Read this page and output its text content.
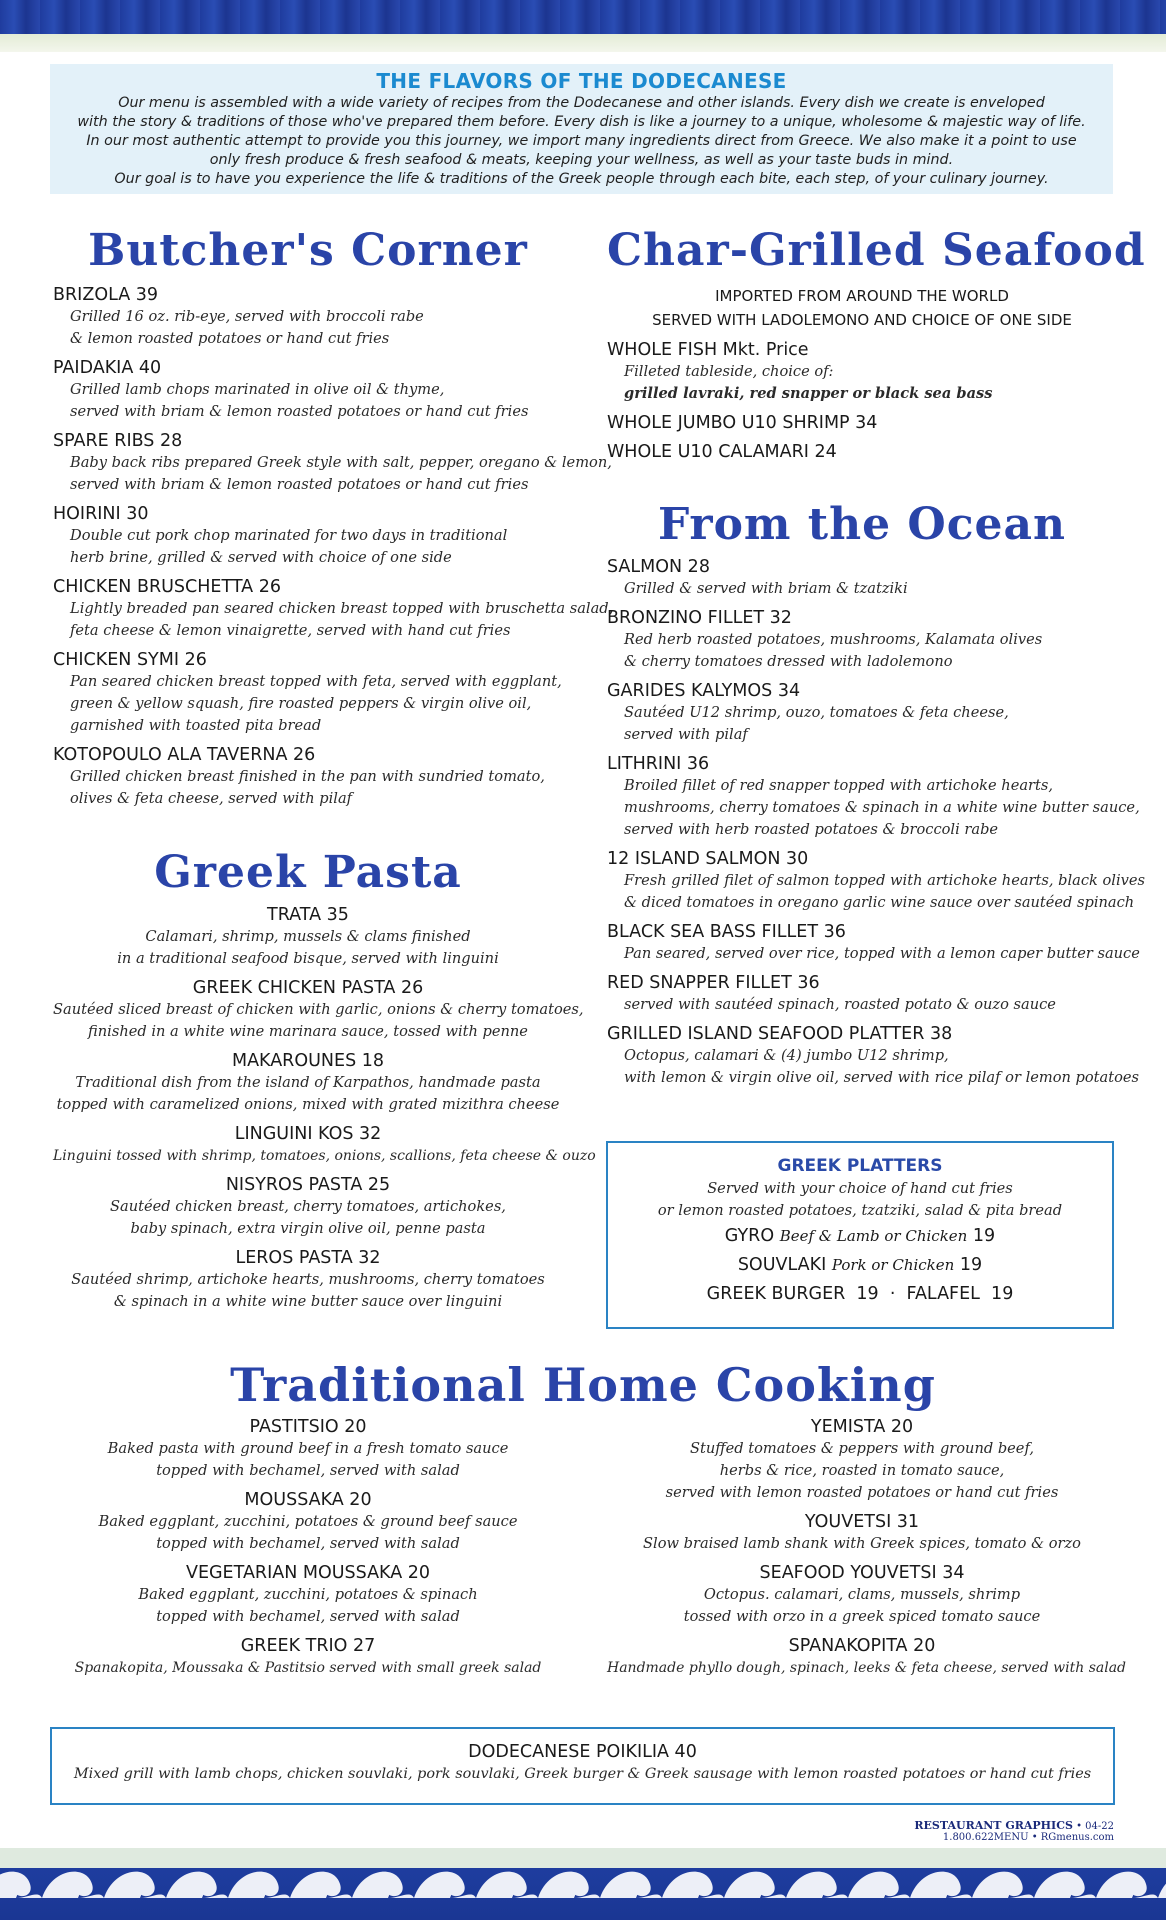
THE FLAVORS OF THE DODECANESE
Our menu is assembled with a wide variety of recipes from the Dodecanese and other islands. Every dish we create is enveloped
with the story & traditions of those who've prepared them before. Every dish is like a journey to a unique, wholesome & majestic way of life.
In our most authentic attempt to provide you this journey, we import many ingredients direct from Greece. We also make it a point to use
only fresh produce & fresh seafood & meats, keeping your wellness, as well as your taste buds in mind.
Our goal is to have you experience the life & traditions of the Greek people through each bite, each step, of your culinary journey.
Butcher's Corner
BRIZOLA 39
Grilled 16 oz. rib-eye, served with broccoli rabe
& lemon roasted potatoes or hand cut fries
PAIDAKIA 40
Grilled lamb chops marinated in olive oil & thyme,
served with briam & lemon roasted potatoes or hand cut fries
SPARE RIBS 28
Baby back ribs prepared Greek style with salt, pepper, oregano & lemon,
served with briam & lemon roasted potatoes or hand cut fries
HOIRINI 30
Double cut pork chop marinated for two days in traditional
herb brine, grilled & served with choice of one side
CHICKEN BRUSCHETTA 26
Lightly breaded pan seared chicken breast topped with bruschetta salad,
feta cheese & lemon vinaigrette, served with hand cut fries
CHICKEN SYMI 26
Pan seared chicken breast topped with feta, served with eggplant,
green & yellow squash, fire roasted peppers & virgin olive oil,
garnished with toasted pita bread
KOTOPOULO ALA TAVERNA 26
Grilled chicken breast finished in the pan with sundried tomato,
olives & feta cheese, served with pilaf
Greek Pasta
TRATA 35
Calamari, shrimp, mussels & clams finished
in a traditional seafood bisque, served with linguini
GREEK CHICKEN PASTA 26
Sautéed sliced breast of chicken with garlic, onions & cherry tomatoes,
finished in a white wine marinara sauce, tossed with penne
MAKAROUNES 18
Traditional dish from the island of Karpathos, handmade pasta
topped with caramelized onions, mixed with grated mizithra cheese
LINGUINI KOS 32
Linguini tossed with shrimp, tomatoes, onions, scallions, feta cheese & ouzo
NISYROS PASTA 25
Sautéed chicken breast, cherry tomatoes, artichokes,
baby spinach, extra virgin olive oil, penne pasta
LEROS PASTA 32
Sautéed shrimp, artichoke hearts, mushrooms, cherry tomatoes
& spinach in a white wine butter sauce over linguini
Char-Grilled Seafood
IMPORTED FROM AROUND THE WORLD
SERVED WITH LADOLEMONO AND CHOICE OF ONE SIDE
WHOLE FISH Mkt. Price
Filleted tableside, choice of:
grilled lavraki, red snapper or black sea bass
WHOLE JUMBO U10 SHRIMP 34
WHOLE U10 CALAMARI 24
From the Ocean
SALMON 28
Grilled & served with briam & tzatziki
BRONZINO FILLET 32
Red herb roasted potatoes, mushrooms, Kalamata olives
& cherry tomatoes dressed with ladolemono
GARIDES KALYMOS 34
Sautéed U12 shrimp, ouzo, tomatoes & feta cheese,
served with pilaf
LITHRINI 36
Broiled fillet of red snapper topped with artichoke hearts,
mushrooms, cherry tomatoes & spinach in a white wine butter sauce,
served with herb roasted potatoes & broccoli rabe
12 ISLAND SALMON 30
Fresh grilled filet of salmon topped with artichoke hearts, black olives
& diced tomatoes in oregano garlic wine sauce over sautéed spinach
BLACK SEA BASS FILLET 36
Pan seared, served over rice, topped with a lemon caper butter sauce
RED SNAPPER FILLET 36
served with sautéed spinach, roasted potato & ouzo sauce
GRILLED ISLAND SEAFOOD PLATTER 38
Octopus, calamari & (4) jumbo U12 shrimp,
with lemon & virgin olive oil, served with rice pilaf or lemon potatoes
GREEK PLATTERS
Served with your choice of hand cut fries
or lemon roasted potatoes, tzatziki, salad & pita bread
GYRO Beef & Lamb or Chicken 19
SOUVLAKI Pork or Chicken 19
GREEK BURGER  19  ·  FALAFEL  19
Traditional Home Cooking
PASTITSIO 20
Baked pasta with ground beef in a fresh tomato sauce
topped with bechamel, served with salad
MOUSSAKA 20
Baked eggplant, zucchini, potatoes & ground beef sauce
topped with bechamel, served with salad
VEGETARIAN MOUSSAKA 20
Baked eggplant, zucchini, potatoes & spinach
topped with bechamel, served with salad
GREEK TRIO 27
Spanakopita, Moussaka & Pastitsio served with small greek salad
YEMISTA 20
Stuffed tomatoes & peppers with ground beef,
herbs & rice, roasted in tomato sauce,
served with lemon roasted potatoes or hand cut fries
YOUVETSI 31
Slow braised lamb shank with Greek spices, tomato & orzo
SEAFOOD YOUVETSI 34
Octopus. calamari, clams, mussels, shrimp
tossed with orzo in a greek spiced tomato sauce
SPANAKOPITA 20
Handmade phyllo dough, spinach, leeks & feta cheese, served with salad
DODECANESE POIKILIA 40
Mixed grill with lamb chops, chicken souvlaki, pork souvlaki, Greek burger & Greek sausage with lemon roasted potatoes or hand cut fries
RESTAURANT GRAPHICS • 04-22
1.800.622MENU • RGmenus.com
